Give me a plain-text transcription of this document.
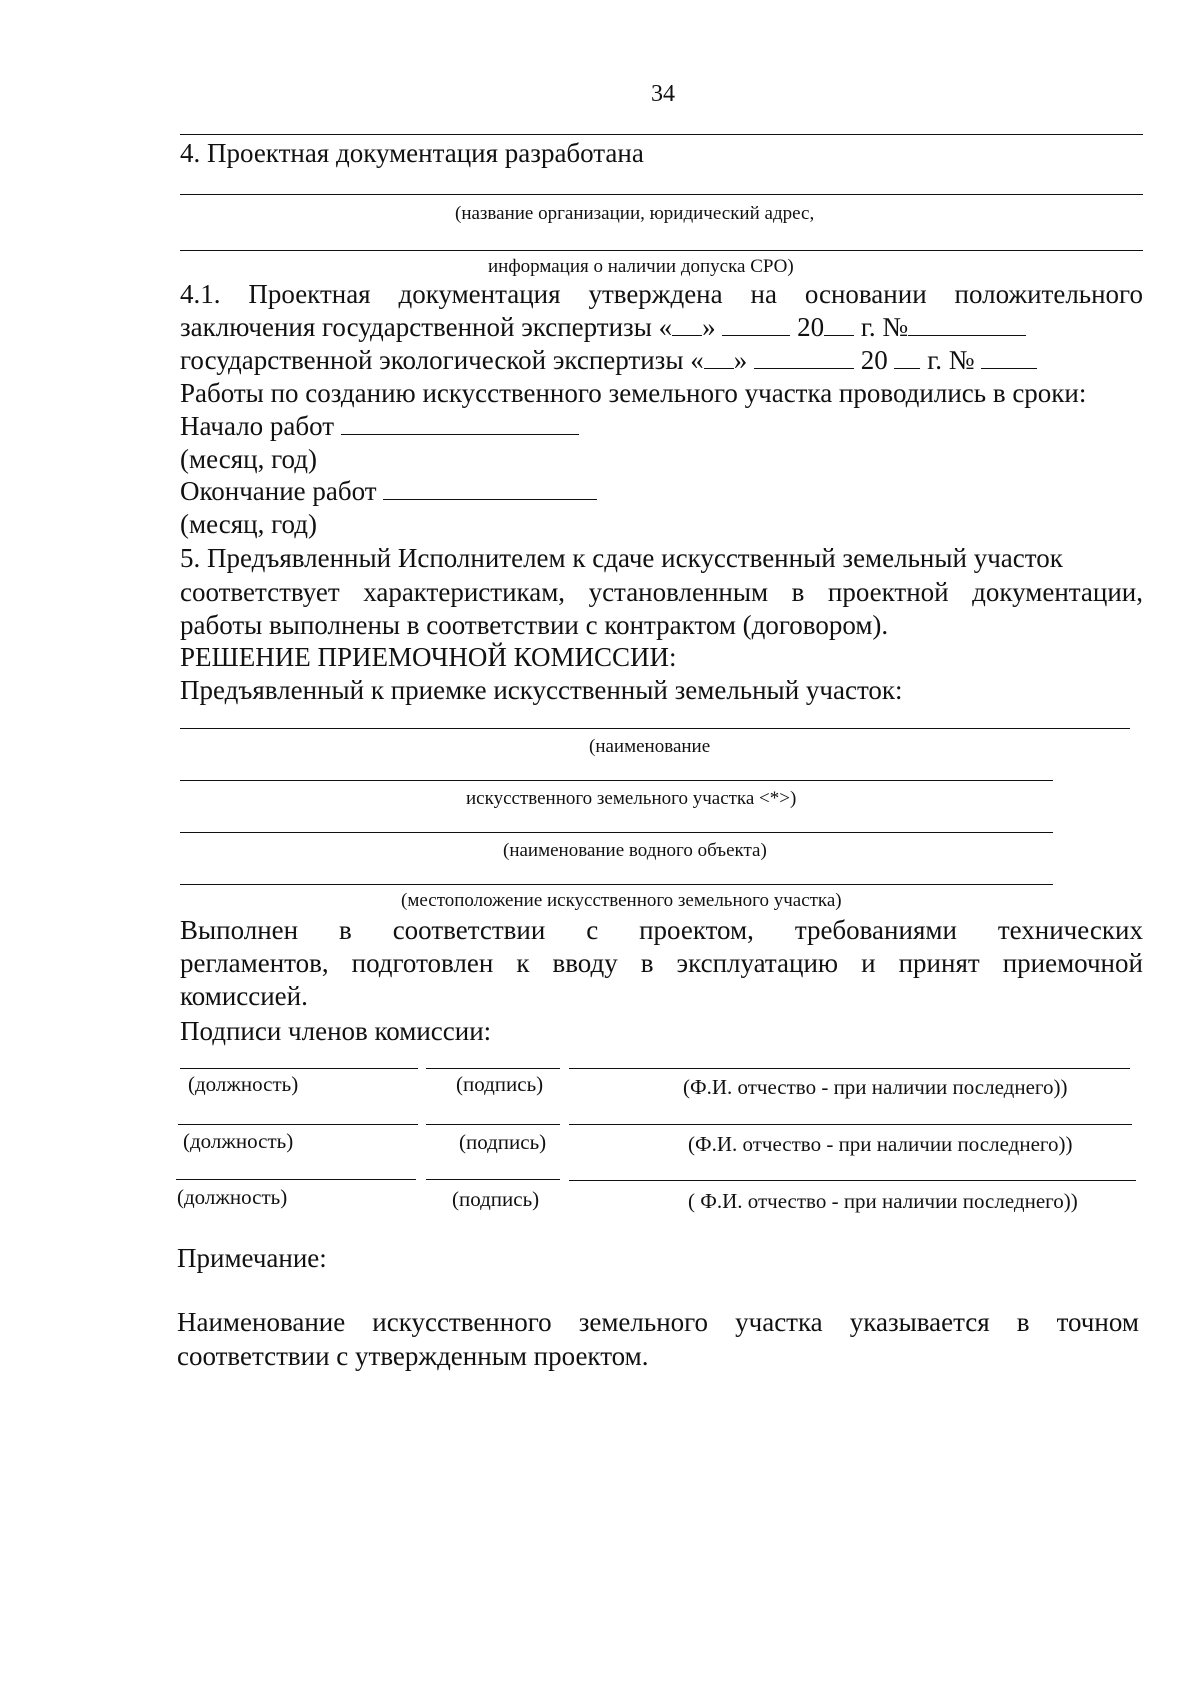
34
4. Проектная документация разработана
(название организации, юридический адрес,
информация о наличии допуска СРО)
4.1. Проектная документация утверждена на основании положительного
заключения государственной экспертизы « »	20 г. №
государственной экологической экспертизы « »	20 г. №
Работы по созданию искусственного земельного участка проводились в сроки:
Начало работ
(месяц, год)
Окончание работ
(месяц, год)
5. Предъявленный Исполнителем к сдаче искусственный земельный участок
соответствует характеристикам, установленным в проектной документации,
работы выполнены в соответствии с контрактом (договором).
РЕШЕНИЕ ПРИЕМОЧНОЙ КОМИССИИ:
Предъявленный к приемке искусственный земельный участок:
(наименование
искусственного земельного участка <*>)
(наименование водного объекта)
(местоположение искусственного земельного участка)
Выполнен в соответствии с проектом, требованиями технических
регламентов, подготовлен к вводу в эксплуатацию и принят приемочной
комиссией.
Подписи членов комиссии:
(должность)	(подпись)	(Ф.И. отчество - при наличии последнего))
(должность)	(подпись)	(Ф.И. отчество - при наличии последнего))
(должность)	(подпись)	( Ф.И. отчество - при наличии последнего))
Примечание:
Наименование искусственного земельного участка указывается в точном
соответствии с утвержденным проектом.
